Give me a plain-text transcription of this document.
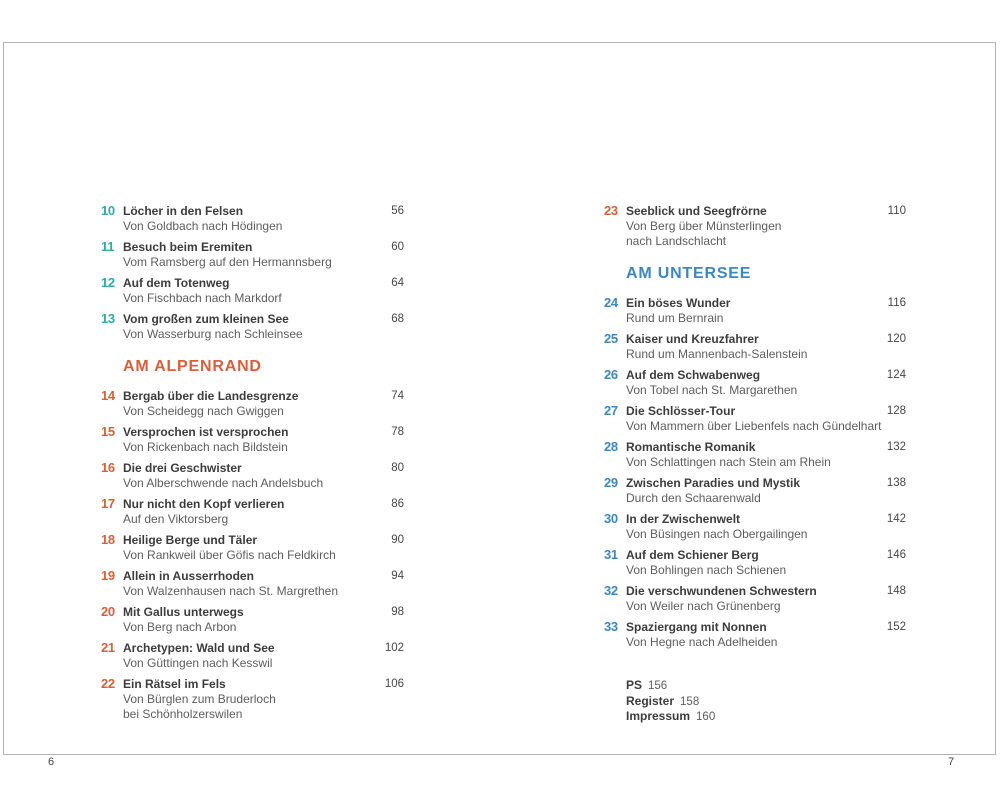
10 Löcher in den Felsen
Von Goldbach nach Hödingen
56
11 Besuch beim Eremiten
Vom Ramsberg auf den Hermannsberg
60
12 Auf dem Totenweg
Von Fischbach nach Markdorf
64
13 Vom großen zum kleinen See
Von Wasserburg nach Schleinsee
68
AM ALPENRAND
14 Bergab über die Landesgrenze
Von Scheidegg nach Gwiggen
74
15 Versprochen ist versprochen
Von Rickenbach nach Bildstein
78
16 Die drei Geschwister
Von Alberschwende nach Andelsbuch
80
17 Nur nicht den Kopf verlieren
Auf den Viktorsberg
86
18 Heilige Berge und Täler
Von Rankweil über Göfis nach Feldkirch
90
19 Allein in Ausserrhoden
Von Walzenhausen nach St. Margrethen
94
20 Mit Gallus unterwegs
Von Berg nach Arbon
98
21 Archetypen: Wald und See
Von Güttingen nach Kesswil
102
22 Ein Rätsel im Fels
Von Bürglen zum Bruderloch
bei Schönholzerswilen
106
23 Seeblick und Seegfrörne
Von Berg über Münsterlingen
nach Landschlacht
110
AM UNTERSEE
24 Ein böses Wunder
Rund um Bernrain
116
25 Kaiser und Kreuzfahrer
Rund um Mannenbach-Salenstein
120
26 Auf dem Schwabenweg
Von Tobel nach St. Margarethen
124
27 Die Schlösser-Tour
Von Mammern über Liebenfels nach Gündelhart
128
28 Romantische Romanik
Von Schlattingen nach Stein am Rhein
132
29 Zwischen Paradies und Mystik
Durch den Schaarenwald
138
30 In der Zwischenwelt
Von Büsingen nach Obergailingen
142
31 Auf dem Schiener Berg
Von Bohlingen nach Schienen
146
32 Die verschwundenen Schwestern
Von Weiler nach Grünenberg
148
33 Spaziergang mit Nonnen
Von Hegne nach Adelheiden
152
PS 156
Register 158
Impressum 160
6	7
